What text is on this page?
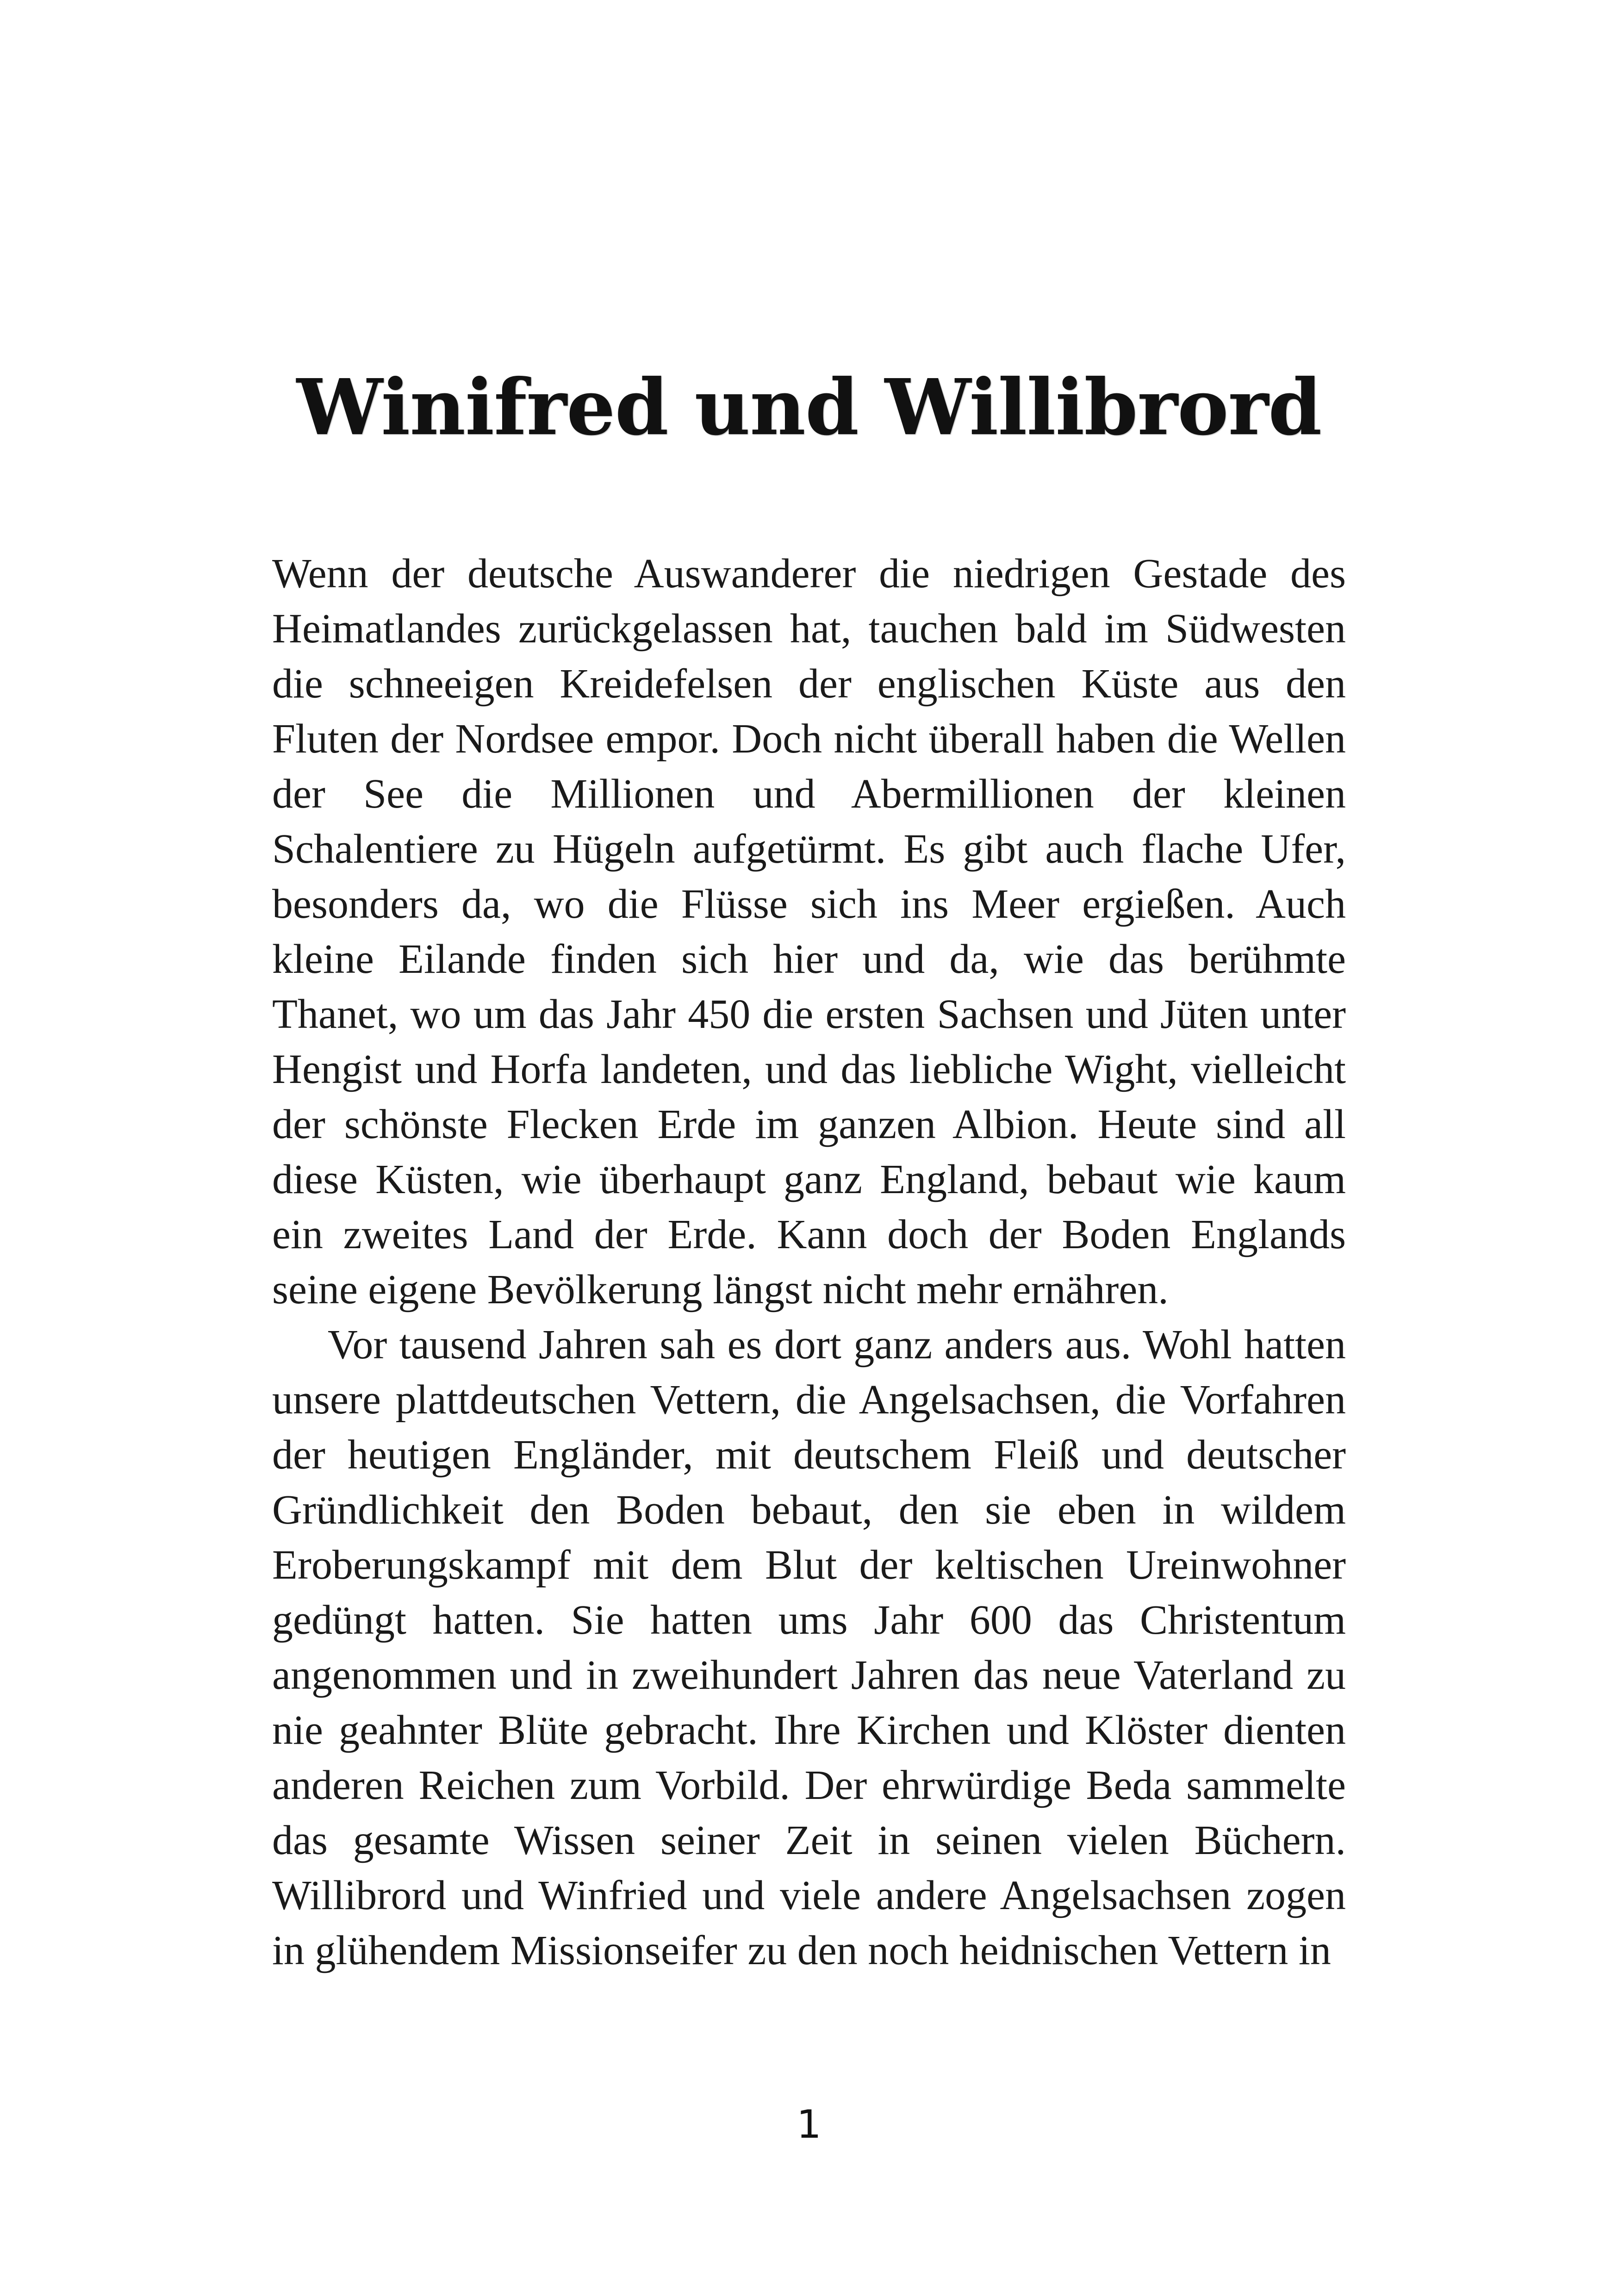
Winifred und Willibrord

Wenn der deutsche Auswanderer die niedrigen Gestade des Heimatlandes zurückgelassen hat, tauchen bald im Südwesten die schneeigen Kreidefelsen der englischen Küste aus den Fluten der Nordsee empor. Doch nicht überall haben die Wellen der See die Millionen und Abermillionen der kleinen Schalentiere zu Hügeln aufgetürmt. Es gibt auch flache Ufer, besonders da, wo die Flüsse sich ins Meer ergießen. Auch kleine Eilande finden sich hier und da, wie das berühmte Thanet, wo um das Jahr 450 die ersten Sachsen und Jüten unter Hengist und Horfa landeten, und das liebliche Wight, vielleicht der schönste Flecken Erde im ganzen Albion. Heute sind all diese Küsten, wie überhaupt ganz England, bebaut wie kaum ein zweites Land der Erde. Kann doch der Boden Englands seine eigene Bevölkerung längst nicht mehr ernähren.

Vor tausend Jahren sah es dort ganz anders aus. Wohl hatten unsere plattdeutschen Vettern, die Angelsachsen, die Vorfahren der heutigen Engländer, mit deutschem Fleiß und deutscher Gründlichkeit den Boden bebaut, den sie eben in wildem Eroberungskampf mit dem Blut der keltischen Ureinwohner gedüngt hatten. Sie hatten ums Jahr 600 das Christentum angenommen und in zweihundert Jahren das neue Vaterland zu nie geahnter Blüte gebracht. Ihre Kirchen und Klöster dienten anderen Reichen zum Vorbild. Der ehrwürdige Beda sammelte das gesamte Wissen seiner Zeit in seinen vielen Büchern. Willibrord und Winfried und viele andere Angelsachsen zogen in glühendem Missionseifer zu den noch heidnischen Vettern in

1
